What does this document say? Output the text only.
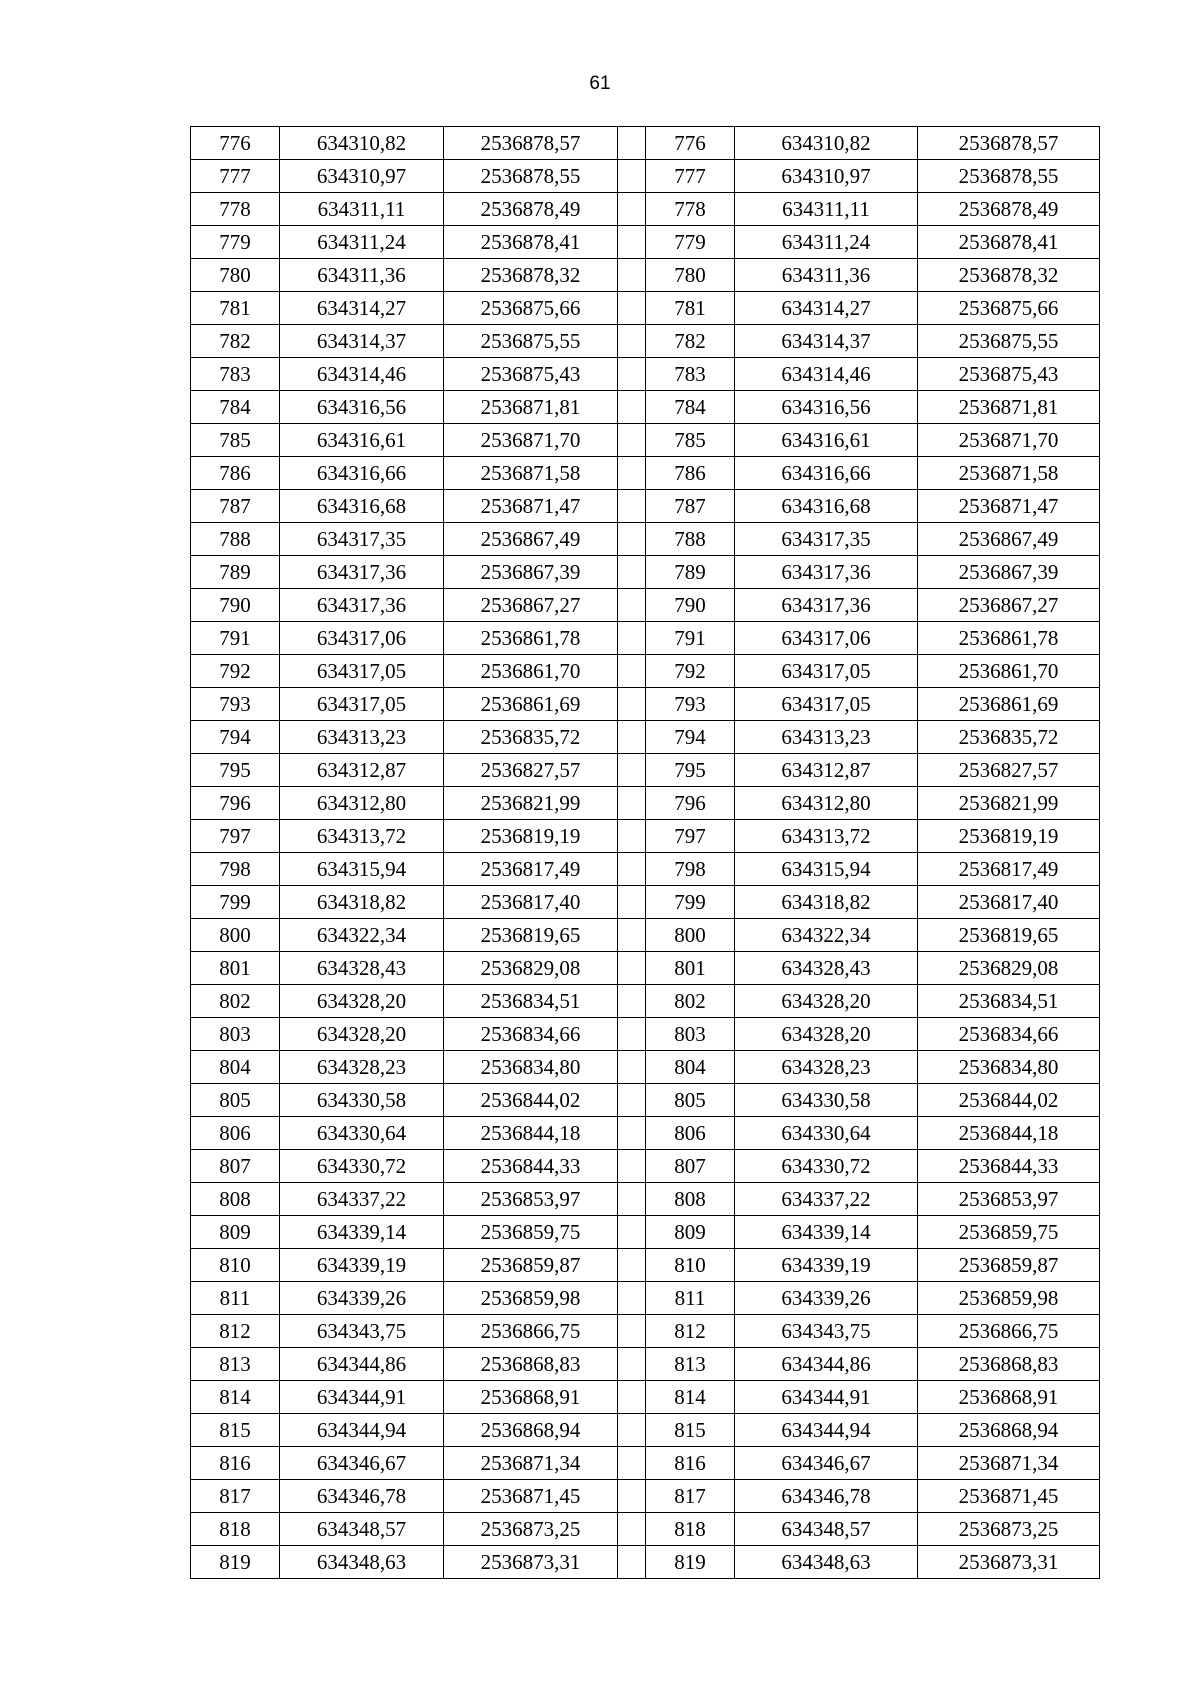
61
776	634310,82	2536878,57		776	634310,82	2536878,57
777	634310,97	2536878,55		777	634310,97	2536878,55
778	634311,11	2536878,49		778	634311,11	2536878,49
779	634311,24	2536878,41		779	634311,24	2536878,41
780	634311,36	2536878,32		780	634311,36	2536878,32
781	634314,27	2536875,66		781	634314,27	2536875,66
782	634314,37	2536875,55		782	634314,37	2536875,55
783	634314,46	2536875,43		783	634314,46	2536875,43
784	634316,56	2536871,81		784	634316,56	2536871,81
785	634316,61	2536871,70		785	634316,61	2536871,70
786	634316,66	2536871,58		786	634316,66	2536871,58
787	634316,68	2536871,47		787	634316,68	2536871,47
788	634317,35	2536867,49		788	634317,35	2536867,49
789	634317,36	2536867,39		789	634317,36	2536867,39
790	634317,36	2536867,27		790	634317,36	2536867,27
791	634317,06	2536861,78		791	634317,06	2536861,78
792	634317,05	2536861,70		792	634317,05	2536861,70
793	634317,05	2536861,69		793	634317,05	2536861,69
794	634313,23	2536835,72		794	634313,23	2536835,72
795	634312,87	2536827,57		795	634312,87	2536827,57
796	634312,80	2536821,99		796	634312,80	2536821,99
797	634313,72	2536819,19		797	634313,72	2536819,19
798	634315,94	2536817,49		798	634315,94	2536817,49
799	634318,82	2536817,40		799	634318,82	2536817,40
800	634322,34	2536819,65		800	634322,34	2536819,65
801	634328,43	2536829,08		801	634328,43	2536829,08
802	634328,20	2536834,51		802	634328,20	2536834,51
803	634328,20	2536834,66		803	634328,20	2536834,66
804	634328,23	2536834,80		804	634328,23	2536834,80
805	634330,58	2536844,02		805	634330,58	2536844,02
806	634330,64	2536844,18		806	634330,64	2536844,18
807	634330,72	2536844,33		807	634330,72	2536844,33
808	634337,22	2536853,97		808	634337,22	2536853,97
809	634339,14	2536859,75		809	634339,14	2536859,75
810	634339,19	2536859,87		810	634339,19	2536859,87
811	634339,26	2536859,98		811	634339,26	2536859,98
812	634343,75	2536866,75		812	634343,75	2536866,75
813	634344,86	2536868,83		813	634344,86	2536868,83
814	634344,91	2536868,91		814	634344,91	2536868,91
815	634344,94	2536868,94		815	634344,94	2536868,94
816	634346,67	2536871,34		816	634346,67	2536871,34
817	634346,78	2536871,45		817	634346,78	2536871,45
818	634348,57	2536873,25		818	634348,57	2536873,25
819	634348,63	2536873,31		819	634348,63	2536873,31
